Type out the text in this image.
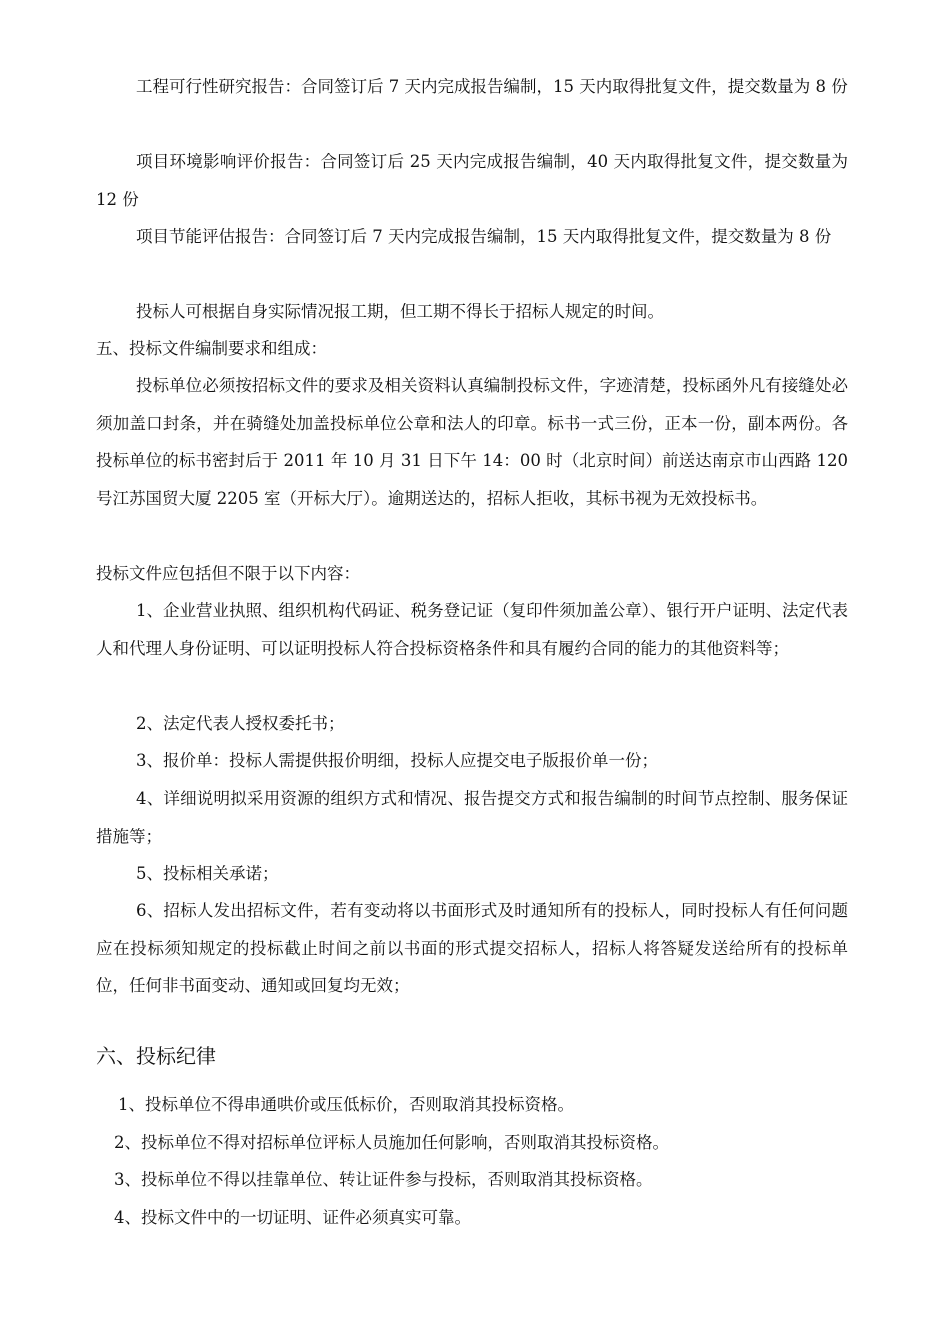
工程可行性研究报告：合同签订后 7 天内完成报告编制，15 天内取得批复文件，提交数量为 8 份

项目环境影响评价报告：合同签订后 25 天内完成报告编制，40 天内取得批复文件，提交数量为 12 份

项目节能评估报告：合同签订后 7 天内完成报告编制，15 天内取得批复文件，提交数量为 8 份

投标人可根据自身实际情况报工期，但工期不得长于招标人规定的时间。

五、投标文件编制要求和组成：

投标单位必须按招标文件的要求及相关资料认真编制投标文件，字迹清楚，投标函外凡有接缝处必须加盖口封条，并在骑缝处加盖投标单位公章和法人的印章。标书一式三份，正本一份，副本两份。各投标单位的标书密封后于 2011 年 10 月 31 日下午 14：00 时（北京时间）前送达南京市山西路 120 号江苏国贸大厦 2205 室（开标大厅）。逾期送达的，招标人拒收，其标书视为无效投标书。

投标文件应包括但不限于以下内容：

1、企业营业执照、组织机构代码证、税务登记证（复印件须加盖公章）、银行开户证明、法定代表人和代理人身份证明、可以证明投标人符合投标资格条件和具有履约合同的能力的其他资料等；

2、法定代表人授权委托书；

3、报价单：投标人需提供报价明细，投标人应提交电子版报价单一份；

4、详细说明拟采用资源的组织方式和情况、报告提交方式和报告编制的时间节点控制、服务保证措施等；

5、投标相关承诺；

6、招标人发出招标文件，若有变动将以书面形式及时通知所有的投标人，同时投标人有任何问题应在投标须知规定的投标截止时间之前以书面的形式提交招标人，招标人将答疑发送给所有的投标单位，任何非书面变动、通知或回复均无效；

六、投标纪律

1、投标单位不得串通哄价或压低标价，否则取消其投标资格。

2、投标单位不得对招标单位评标人员施加任何影响，否则取消其投标资格。

3、投标单位不得以挂靠单位、转让证件参与投标，否则取消其投标资格。

4、投标文件中的一切证明、证件必须真实可靠。
